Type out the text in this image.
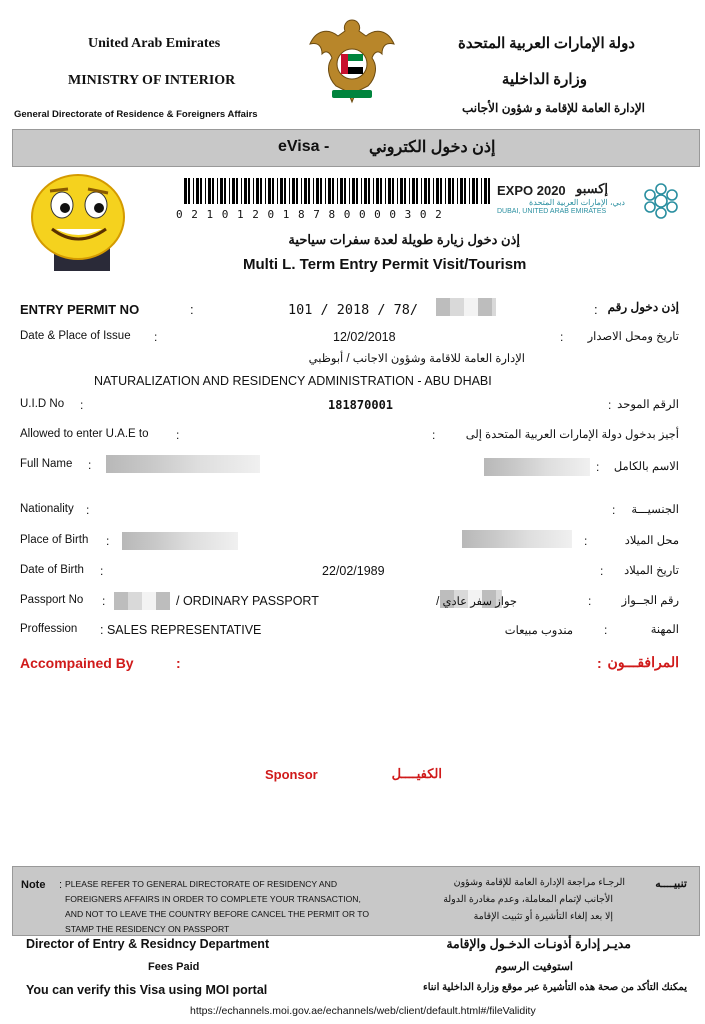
United Arab Emirates
MINISTRY OF INTERIOR
General Directorate of Residence & Foreigners Affairs
دولة الإمارات العربية المتحدة
وزارة الداخلية
الإدارة العامة للإقامة و شؤون الأجانب
eVisa - إذن دخول الكتروني
0 2 1 0 1 2 0 1 8 7 8 0 0 0 0 3 0 2
EXPO 2020 إكسبو
دبي، الإمارات العربية المتحدة
DUBAI, UNITED ARAB EMIRATES
إذن دخول زيارة طويلة لعدة سفرات سياحية
Multi L. Term Entry Permit Visit/Tourism
ENTRY PERMIT NO	:	101 / 2018 / 78/	: إذن دخول رقم
Date & Place of Issue :	12/02/2018	: تاريخ ومحل الاصدار
الإدارة العامة للاقامة وشؤون الاجانب / أبوظبي
NATURALIZATION AND RESIDENCY ADMINISTRATION - ABU DHABI
U.I.D No :	181870001	: الرقم الموحد
Allowed to enter U.A.E to :	:	أجيز بدخول دولة الإمارات العربية المتحدة إلى
Full Name :	: الاسم بالكامل
Nationality :	: الجنسيـــة
Place of Birth :	:	محل الميلاد
Date of Birth :	22/02/1989	: تاريخ الميلاد
Passport No :	/ ORDINARY PASSPORT	جواز سفر عادي /	:	رقم الجــواز
Proffession : SALES REPRESENTATIVE	مندوب مبيعات	:	المهنة
Accompained By	:	: المرافقـــون
Sponsor	الكفيــــل
Note : PLEASE REFER TO GENERAL DIRECTORATE OF RESIDENCY AND
FOREIGNERS AFFAIRS IN ORDER TO COMPLETE YOUR TRANSACTION,
AND NOT TO LEAVE THE COUNTRY BEFORE CANCEL THE PERMIT OR TO
STAMP THE RESIDENCY ON PASSPORT
تنبيــــه
الرجـاء مراجعة الإدارة العامة للإقامة وشؤون
الأجانب لإتمام المعاملة، وعدم مغادرة الدولة
إلا بعد إلغاء التأشيرة أو تثبيت الإقامة
Director of Entry & Residncy Department	مديـر إدارة أذونـات الدخـول والإقامة
Fees Paid	استوفيت الرسوم
You can verify this Visa using MOI portal	يمكنك التأكد من صحة هذه التأشيرة عبر موقع وزارة الداخلية انناء
https://echannels.moi.gov.ae/echannels/web/client/default.html#/fileValidity
